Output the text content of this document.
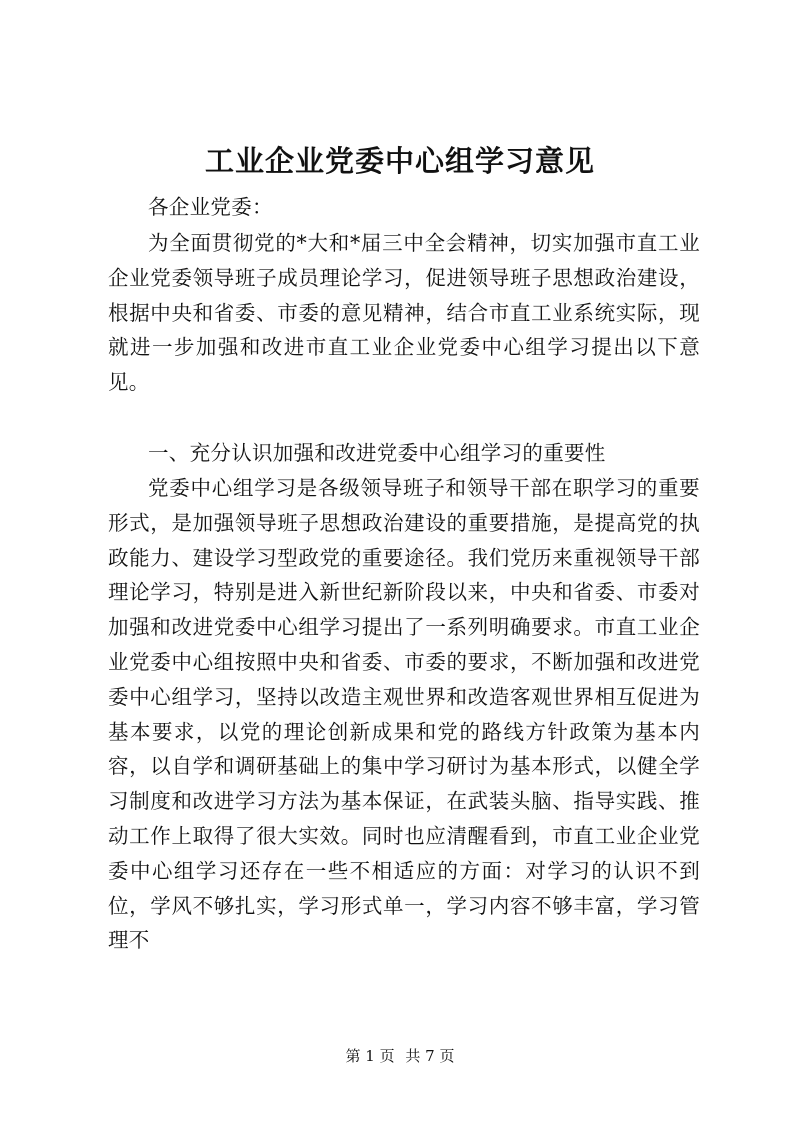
工业企业党委中心组学习意见
各企业党委：
为全面贯彻党的*大和*届三中全会精神，切实加强市直工业企业党委领导班子成员理论学习，促进领导班子思想政治建设，根据中央和省委、市委的意见精神，结合市直工业系统实际，现就进一步加强和改进市直工业企业党委中心组学习提出以下意见。
一、充分认识加强和改进党委中心组学习的重要性
党委中心组学习是各级领导班子和领导干部在职学习的重要形式，是加强领导班子思想政治建设的重要措施，是提高党的执政能力、建设学习型政党的重要途径。我们党历来重视领导干部理论学习，特别是进入新世纪新阶段以来，中央和省委、市委对加强和改进党委中心组学习提出了一系列明确要求。市直工业企业党委中心组按照中央和省委、市委的要求，不断加强和改进党委中心组学习，坚持以改造主观世界和改造客观世界相互促进为基本要求，以党的理论创新成果和党的路线方针政策为基本内容，以自学和调研基础上的集中学习研讨为基本形式，以健全学习制度和改进学习方法为基本保证，在武装头脑、指导实践、推动工作上取得了很大实效。同时也应清醒看到，市直工业企业党委中心组学习还存在一些不相适应的方面：对学习的认识不到位，学风不够扎实，学习形式单一，学习内容不够丰富，学习管理不
第 1 页 共 7 页
